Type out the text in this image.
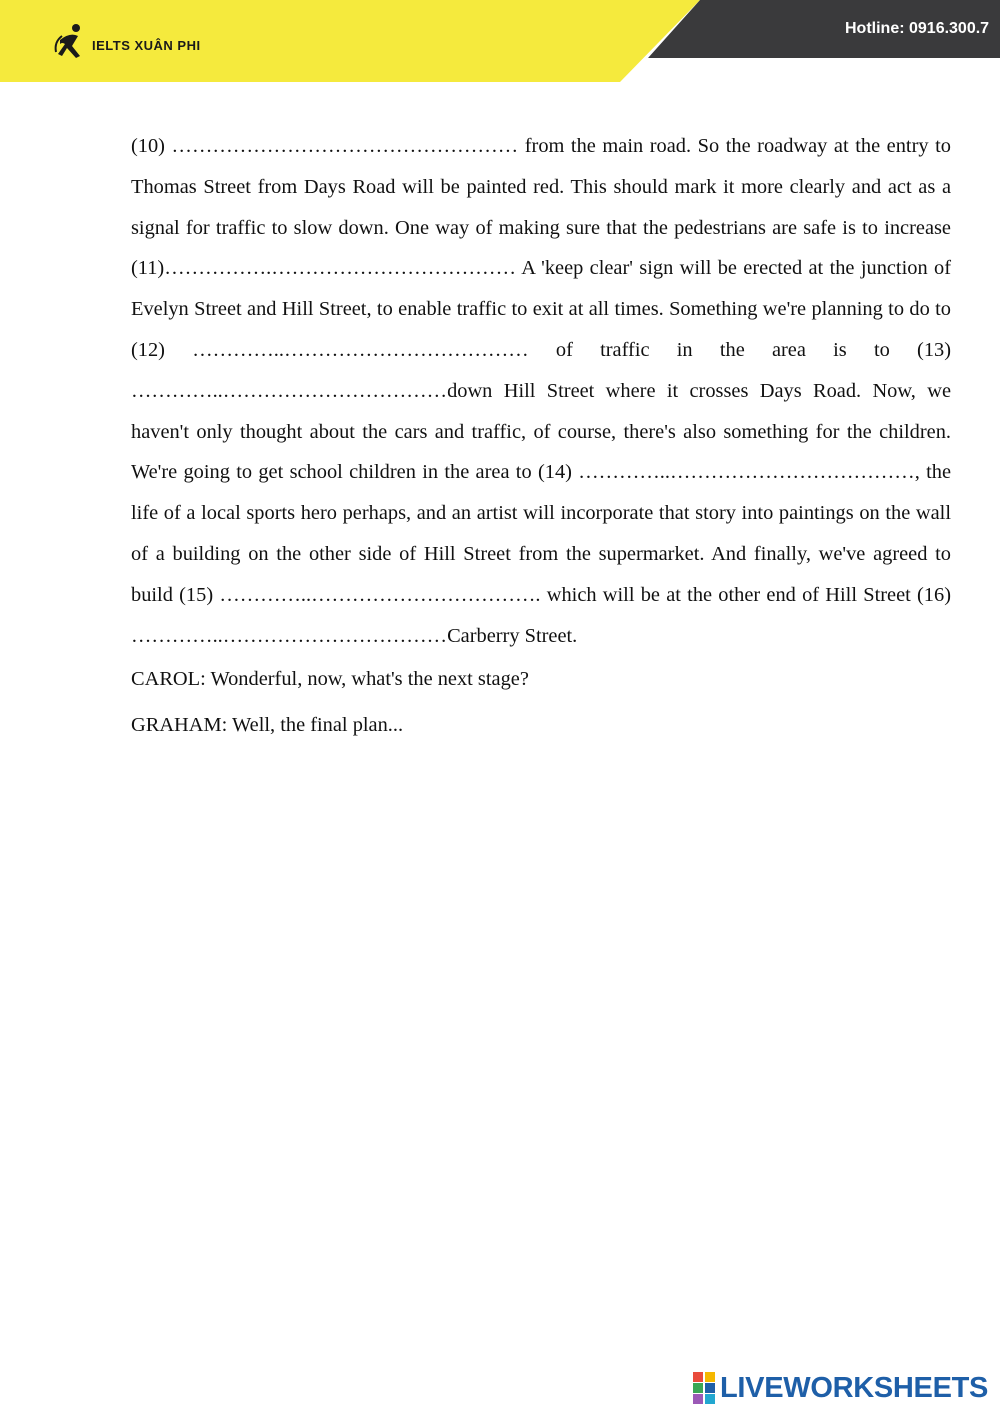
IELTS XUÂN PHI
Hotline: 0916.300.7

(10) …………………………………………… from the main road. So the roadway at the entry to Thomas Street from Days Road will be painted red. This should mark it more clearly and act as a signal for traffic to slow down. One way of making sure that the pedestrians are safe is to increase (11)…………….……………………………… A 'keep clear' sign will be erected at the junction of Evelyn Street and Hill Street, to enable traffic to exit at all times. Something we're planning to do to (12) …………..……………………………… of traffic in the area is to (13) …………..……………………………down Hill Street where it crosses Days Road. Now, we haven't only thought about the cars and traffic, of course, there's also something for the children. We're going to get school children in the area to (14) …………..………………………………, the life of a local sports hero perhaps, and an artist will incorporate that story into paintings on the wall of a building on the other side of Hill Street from the supermarket. And finally, we've agreed to build (15) …………..……………………………. which will be at the other end of Hill Street (16) …………..……………………………Carberry Street.

CAROL: Wonderful, now, what's the next stage?

GRAHAM: Well, the final plan...

LIVEWORKSHEETS
